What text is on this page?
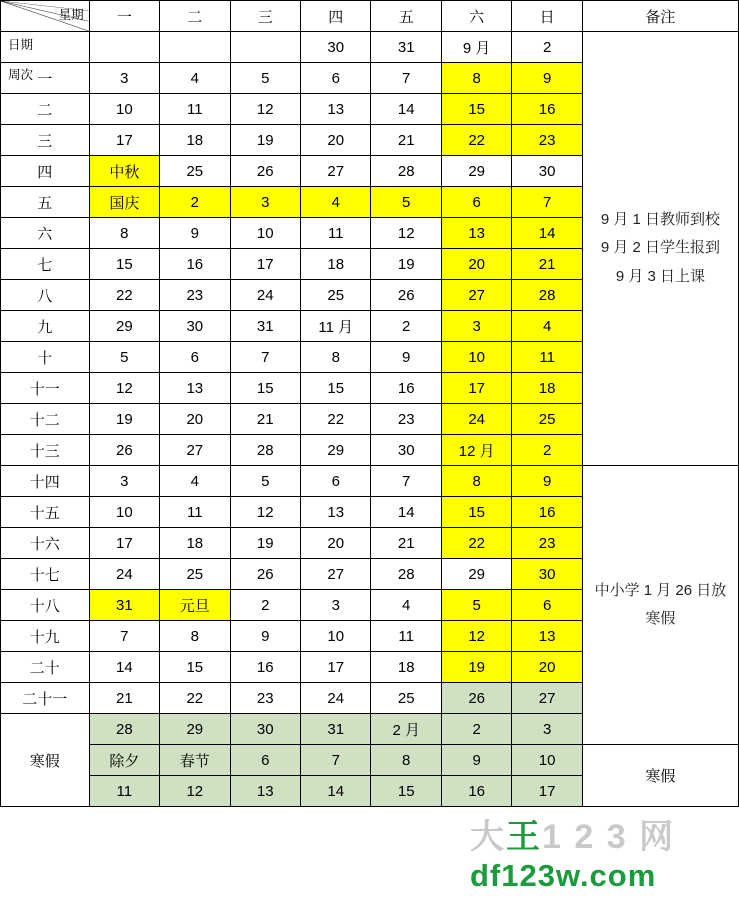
星期
日期
周次	一	二	三	四	五	六	日	备注
				30	31	9 月	2	9 月 1 日教师到校
9 月 2 日学生报到
9 月 3 日上课

一	3	4	5	6	7	8	9	
二	10	11	12	13	14	15	16	
三	17	18	19	20	21	22	23	
四	中秋	25	26	27	28	29	30	
五	国庆	2	3	4	5	6	7	
六	8	9	10	11	12	13	14	
七	15	16	17	18	19	20	21	
八	22	23	24	25	26	27	28	
九	29	30	31	11 月	2	3	4	
十	5	6	7	8	9	10	11	
十一	12	13	15	15	16	17	18	
十二	19	20	21	22	23	24	25	
十三	26	27	28	29	30	12 月	2	
十四	3	4	5	6	7	8	9	中小学 1 月 26 日放
寒假

十五	10	11	12	13	14	15	16	
十六	17	18	19	20	21	22	23	
十七	24	25	26	27	28	29	30	
十八	31	元旦	2	3	4	5	6	
十九	7	8	9	10	11	12	13	
二十	14	15	16	17	18	19	20	
二十一	21	22	23	24	25	26	27	
寒假	28	29	30	31	2 月	2	3	
	除夕	春节	6	7	8	9	10	寒假

	11	12	13	14	15	16	17	
大王1 2 3 网
df123w.com
